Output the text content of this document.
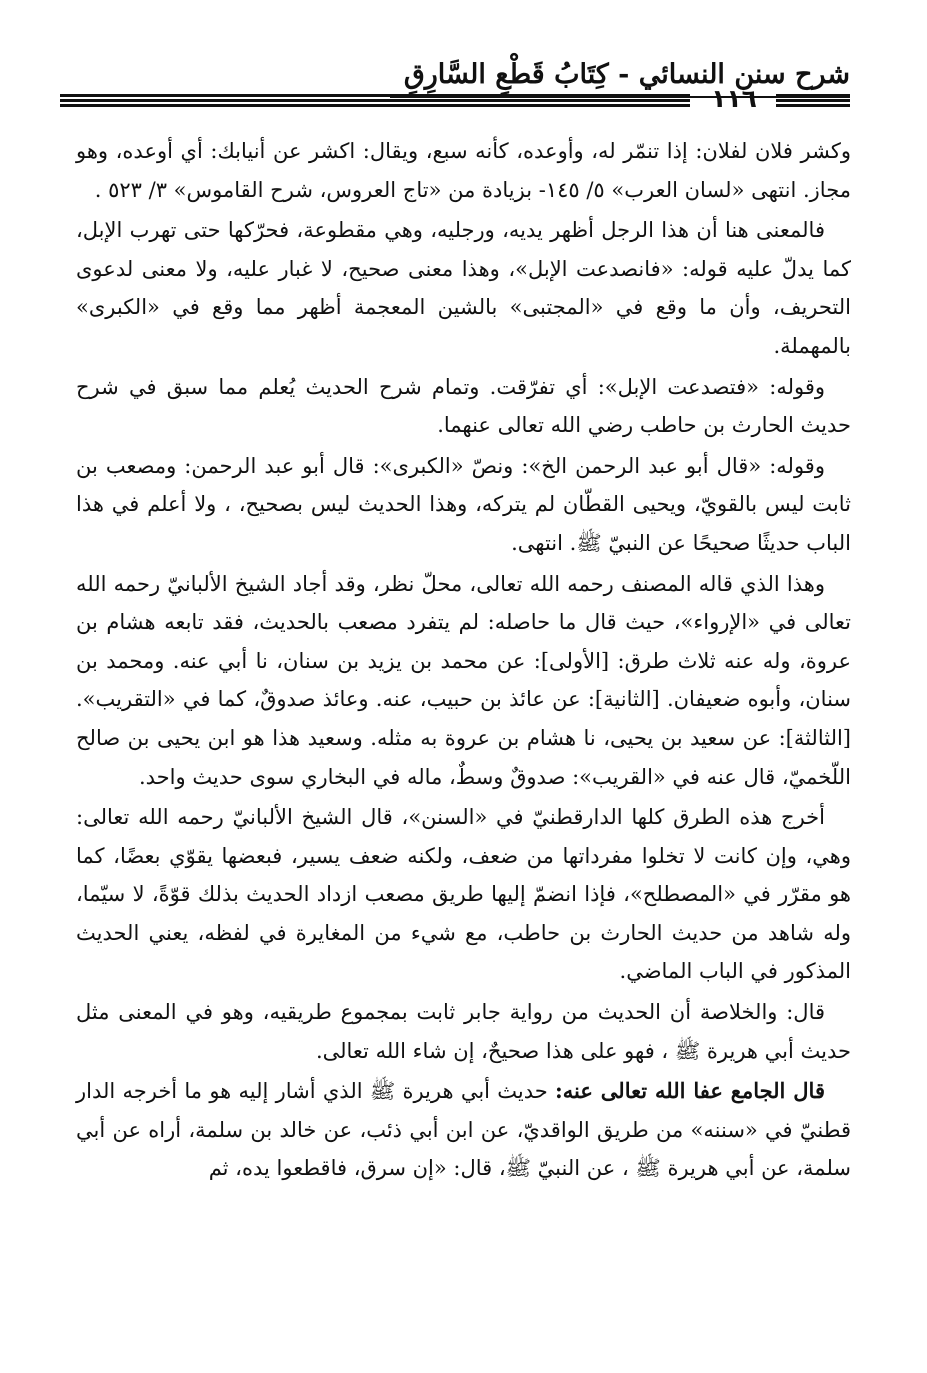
شرح سنن النسائي - كِتَابُ قَطْعِ السَّارِقِ
١١٦

وكشر فلان لفلان: إذا تنمّر له، وأوعده، كأنه سبع، ويقال: اكشر عن أنيابك: أي أوعده، وهو مجاز. انتهى «لسان العرب» ٥/ ١٤٥- بزيادة من «تاج العروس، شرح القاموس» ٣/ ٥٢٣ .

فالمعنى هنا أن هذا الرجل أظهر يديه، ورجليه، وهي مقطوعة، فحرّكها حتى تهرب الإبل، كما يدلّ عليه قوله: «فانصدعت الإبل»، وهذا معنى صحيح، لا غبار عليه، ولا معنى لدعوى التحريف، وأن ما وقع في «المجتبى» بالشين المعجمة أظهر مما وقع في «الكبرى» بالمهملة.

وقوله: «فتصدعت الإبل»: أي تفرّقت. وتمام شرح الحديث يُعلم مما سبق في شرح حديث الحارث بن حاطب رضي الله تعالى عنهما.

وقوله: «قال أبو عبد الرحمن الخ»: ونصّ «الكبرى»: قال أبو عبد الرحمن: ومصعب بن ثابت ليس بالقويّ، ويحيى القطّان لم يتركه، وهذا الحديث ليس بصحيح، ، ولا أعلم في هذا الباب حديثًا صحيحًا عن النبيّ ﷺ. انتهى.

وهذا الذي قاله المصنف رحمه الله تعالى، محلّ نظر، وقد أجاد الشيخ الألبانيّ رحمه الله تعالى في «الإرواء»، حيث قال ما حاصله: لم يتفرد مصعب بالحديث، فقد تابعه هشام بن عروة، وله عنه ثلاث طرق: [الأولى]: عن محمد بن يزيد بن سنان، نا أبي عنه. ومحمد بن سنان، وأبوه ضعيفان. [الثانية]: عن عائذ بن حبيب، عنه. وعائذ صدوقٌ، كما في «التقريب». [الثالثة]: عن سعيد بن يحيى، نا هشام بن عروة به مثله. وسعيد هذا هو ابن يحيى بن صالح اللّخميّ، قال عنه في «القريب»: صدوقٌ وسطٌ، ماله في البخاري سوى حديث واحد.

أخرج هذه الطرق كلها الدارقطنيّ في «السنن»، قال الشيخ الألبانيّ رحمه الله تعالى: وهي، وإن كانت لا تخلوا مفرداتها من ضعف، ولكنه ضعف يسير، فبعضها يقوّي بعضًا، كما هو مقرّر في «المصطلح»، فإذا انضمّ إليها طريق مصعب ازداد الحديث بذلك قوّةً، لا سيّما، وله شاهد من حديث الحارث بن حاطب، مع شيء من المغايرة في لفظه، يعني الحديث المذكور في الباب الماضي.

قال: والخلاصة أن الحديث من رواية جابر ثابت بمجموع طريقيه، وهو في المعنى مثل حديث أبي هريرة ﷺ ، فهو على هذا صحيحٌ، إن شاء الله تعالى.

قال الجامع عفا الله تعالى عنه: حديث أبي هريرة ﷺ الذي أشار إليه هو ما أخرجه الدار قطنيّ في «سننه» من طريق الواقديّ، عن ابن أبي ذئب، عن خالد بن سلمة، أراه عن أبي سلمة، عن أبي هريرة ﷺ ، عن النبيّ ﷺ، قال: «إن سرق، فاقطعوا يده، ثم
